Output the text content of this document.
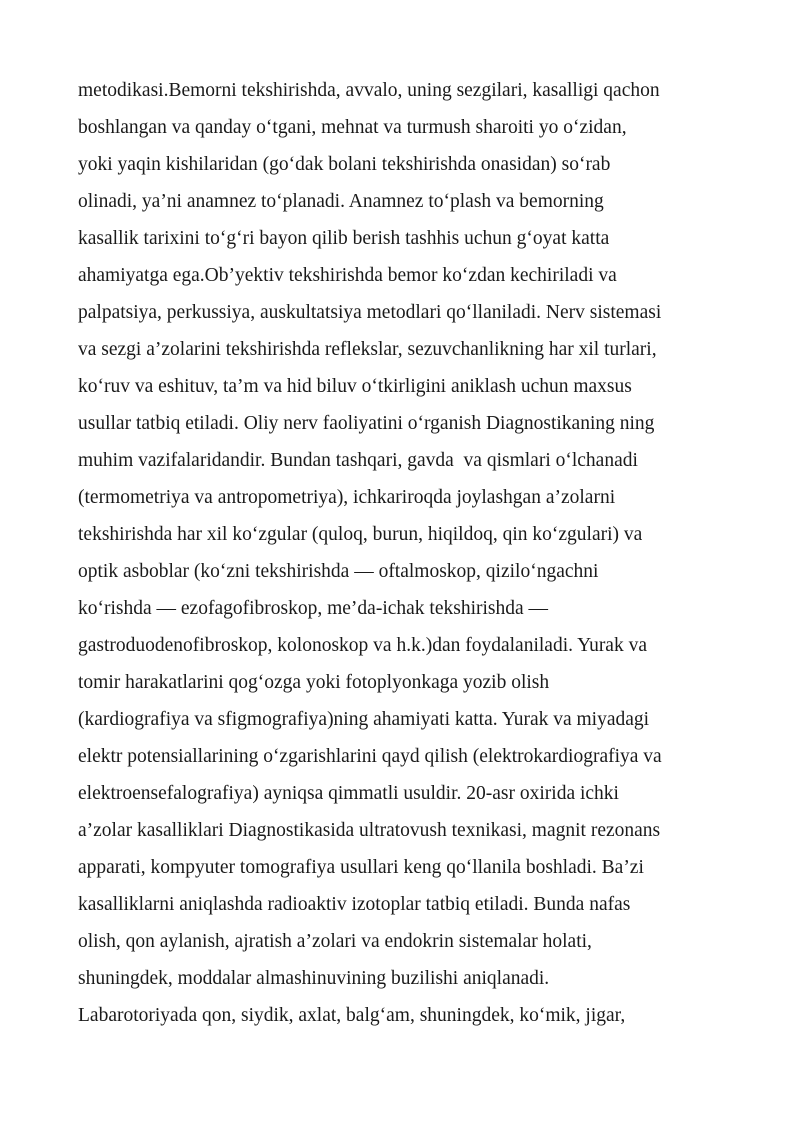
metodikasi.Bemorni tekshirishda, avvalo, uning sezgilari, kasalligi qachon
boshlangan va qanday o‘tgani, mehnat va turmush sharoiti yo o‘zidan,
yoki yaqin kishilaridan (go‘dak bolani tekshirishda onasidan) so‘rab
olinadi, ya’ni anamnez to‘planadi. Anamnez to‘plash va bemorning
kasallik tarixini to‘g‘ri bayon qilib berish tashhis uchun g‘oyat katta
ahamiyatga ega.Ob’yektiv tekshirishda bemor ko‘zdan kechiriladi va
palpatsiya, perkussiya, auskultatsiya metodlari qo‘llaniladi. Nerv sistemasi
va sezgi a’zolarini tekshirishda reflekslar, sezuvchanlikning har xil turlari,
ko‘ruv va eshituv, ta’m va hid biluv o‘tkirligini aniklash uchun maxsus
usullar tatbiq etiladi. Oliy nerv faoliyatini o‘rganish Diagnostikaning ning
muhim vazifalaridandir. Bundan tashqari, gavda  va qismlari o‘lchanadi
(termometriya va antropometriya), ichkariroqda joylashgan a’zolarni
tekshirishda har xil ko‘zgular (quloq, burun, hiqildoq, qin ko‘zgulari) va
optik asboblar (ko‘zni tekshirishda — oftalmoskop, qizilo‘ngachni
ko‘rishda — ezofagofibroskop, me’da-ichak tekshirishda —
gastroduodenofibroskop, kolonoskop va h.k.)dan foydalaniladi. Yurak va
tomir harakatlarini qog‘ozga yoki fotoplyonkaga yozib olish
(kardiografiya va sfigmografiya)ning ahamiyati katta. Yurak va miyadagi
elektr potensiallarining o‘zgarishlarini qayd qilish (elektrokardiografiya va
elektroensefalografiya) ayniqsa qimmatli usuldir. 20-asr oxirida ichki
a’zolar kasalliklari Diagnostikasida ultratovush texnikasi, magnit rezonans
apparati, kompyuter tomografiya usullari keng qo‘llanila boshladi. Ba’zi
kasalliklarni aniqlashda radioaktiv izotoplar tatbiq etiladi. Bunda nafas
olish, qon aylanish, ajratish a’zolari va endokrin sistemalar holati,
shuningdek, moddalar almashinuvining buzilishi aniqlanadi.
Labarotoriyada qon, siydik, axlat, balg‘am, shuningdek, ko‘mik, jigar,
